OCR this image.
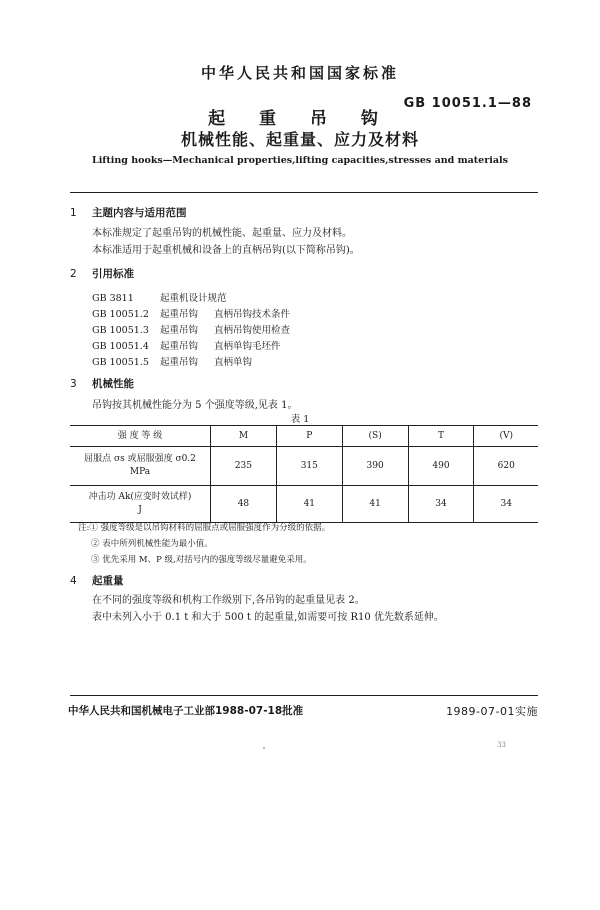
中华人民共和国国家标准
GB 10051.1—88
起 重 吊 钩
机械性能、起重量、应力及材料
Lifting hooks—Mechanical properties,lifting capacities,stresses and materials
1 主题内容与适用范围
本标准规定了起重吊钩的机械性能、起重量、应力及材料。
本标准适用于起重机械和设备上的直柄吊钩(以下简称吊钩)。
2 引用标准
GB 3811	起重机设计规范
GB 10051.2 起重吊钩 直柄吊钩技术条件
GB 10051.3 起重吊钩 直柄吊钩使用检查
GB 10051.4 起重吊钩 直柄单钩毛坯件
GB 10051.5 起重吊钩 直柄单钩
3 机械性能
吊钩按其机械性能分为 5 个强度等级,见表 1。
表 1
强 度 等 级	M	P	(S)	T	(V)

屈服点 σs 或屈服强度 σ0.2
MPa	235	315	390	490	620

冲击功 Ak(应变时效试样)
J	48	41	41	34	34
注:① 强度等级是以吊钩材料的屈服点或屈服强度作为分级的依据。
② 表中所列机械性能为最小值。
③ 优先采用 M、P 级,对括号内的强度等级尽量避免采用。
4 起重量
在不同的强度等级和机构工作级别下,各吊钩的起重量见表 2。
表中未列入小于 0.1 t 和大于 500 t 的起重量,如需要可按 R10 优先数系延伸。
中华人民共和国机械电子工业部1988-07-18批准	1989-07-01实施
33
